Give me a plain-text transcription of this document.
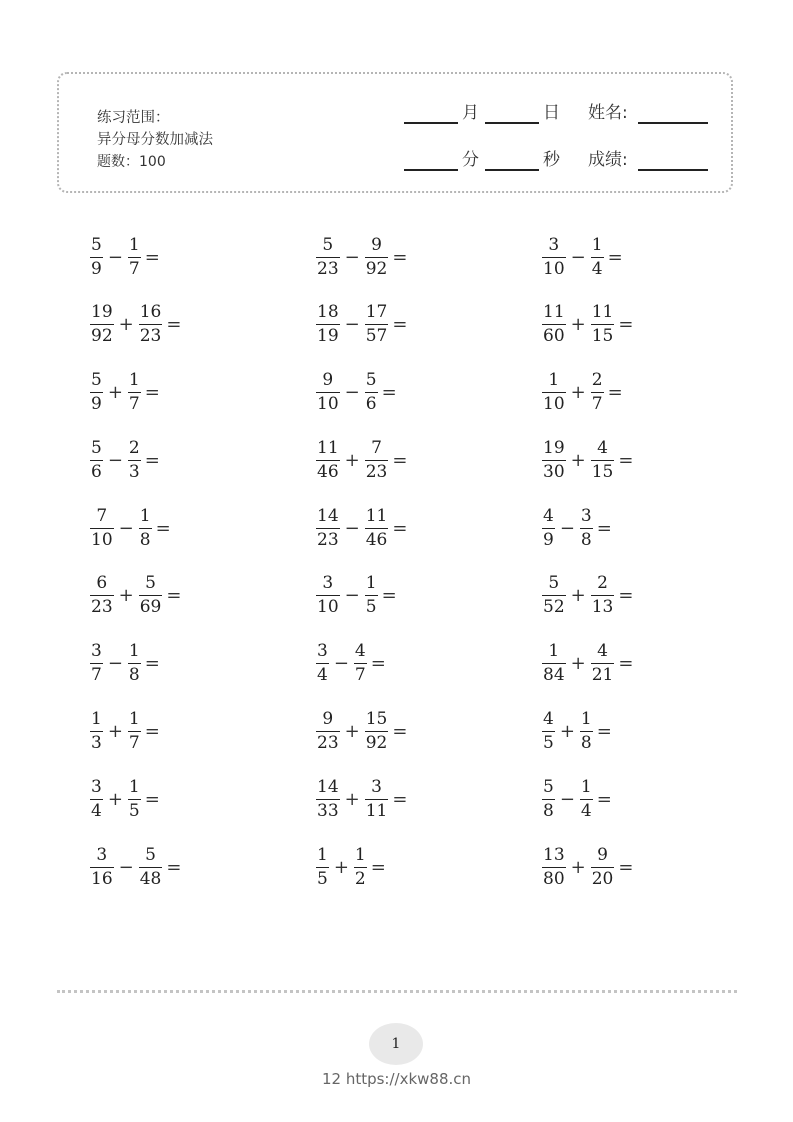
练习范围：
异分母分数加减法
题数：100
月	日 姓名:
分	秒 成绩:
$\frac{5}{9} - \frac{1}{7}$ =	$\frac{5}{23} - \frac{9}{92}$ =	$\frac{3}{10} - \frac{1}{4}$ =
$\frac{19}{92} + \frac{16}{23}$ =	$\frac{18}{19} - \frac{17}{57}$ =	$\frac{11}{60} + \frac{11}{15}$ =
$\frac{5}{9} + \frac{1}{7}$ =	$\frac{9}{10} - \frac{5}{6}$ =	$\frac{1}{10} + \frac{2}{7}$ =
$\frac{5}{6} - \frac{2}{3}$ =	$\frac{11}{46} + \frac{7}{23}$ =	$\frac{19}{30} + \frac{4}{15}$ =
$\frac{7}{10} - \frac{1}{8}$ =	$\frac{14}{23} - \frac{11}{46}$ =	$\frac{4}{9} - \frac{3}{8}$ =
$\frac{6}{23} + \frac{5}{69}$ =	$\frac{3}{10} - \frac{1}{5}$ =	$\frac{5}{52} + \frac{2}{13}$ =
$\frac{3}{7} - \frac{1}{8}$ =	$\frac{3}{4} - \frac{4}{7}$ =	$\frac{1}{84} + \frac{4}{21}$ =
$\frac{1}{3} + \frac{1}{7}$ =	$\frac{9}{23} + \frac{15}{92}$ =	$\frac{4}{5} + \frac{1}{8}$ =
$\frac{3}{4} + \frac{1}{5}$ =	$\frac{14}{33} + \frac{3}{11}$ =	$\frac{5}{8} - \frac{1}{4}$ =
$\frac{3}{16} - \frac{5}{48}$ =	$\frac{1}{5} + \frac{1}{2}$ =	$\frac{13}{80} + \frac{9}{20}$ =
1
12 https://xkw88.cn
